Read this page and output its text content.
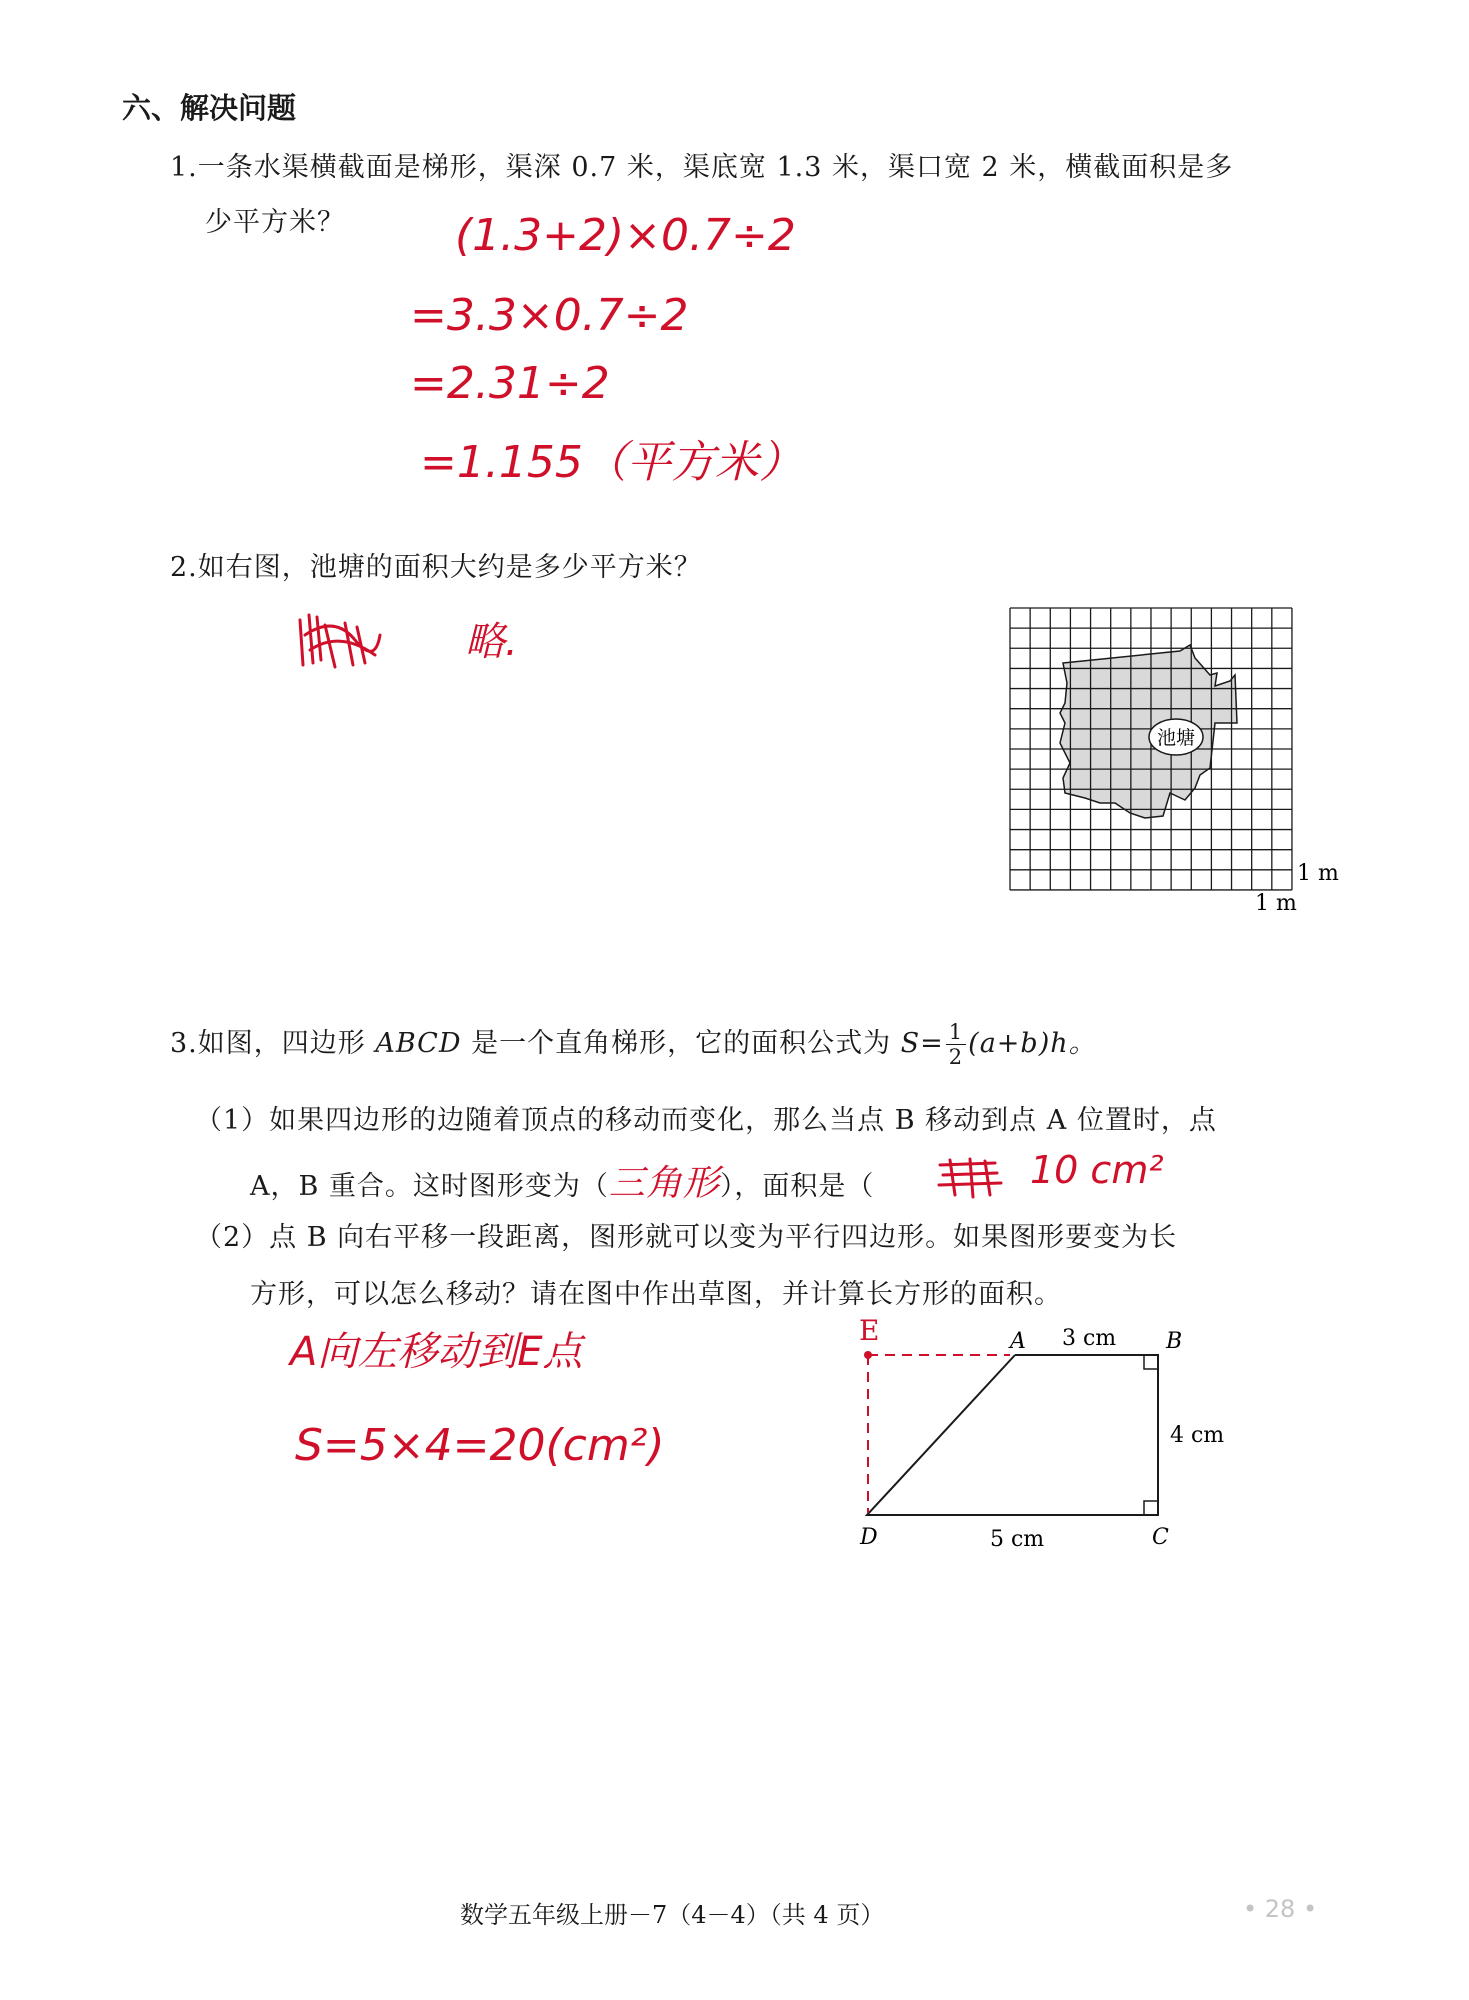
六、解决问题
1.一条水渠横截面是梯形，渠深 0.7 米，渠底宽 1.3 米，渠口宽 2 米，横截面积是多
少平方米？	(1.3+2)×0.7÷2
=3.3×0.7÷2
=2.31÷2
=1.155（平方米）
2.如右图，池塘的面积大约是多少平方米？
略.
池塘
1 m
1 m
3.如图，四边形 ABCD 是一个直角梯形，它的面积公式为 $S= \frac{1}{2} (a+b)h$。
（1）如果四边形的边随着顶点的移动而变化，那么当点 B 移动到点 A 位置时，点
A，B 重合。这时图形变为（三角形），面积是（	10 cm²
（2）点 B 向右平移一段距离，图形就可以变为平行四边形。如果图形要变为长
方形，可以怎么移动？请在图中作出草图，并计算长方形的面积。
A向左移动到E点
S=5×4=20(cm²)
E	A	B
C
D
3 cm
4 cm
5 cm
数学五年级上册－7（4－4）（共 4 页）	• 28 •
